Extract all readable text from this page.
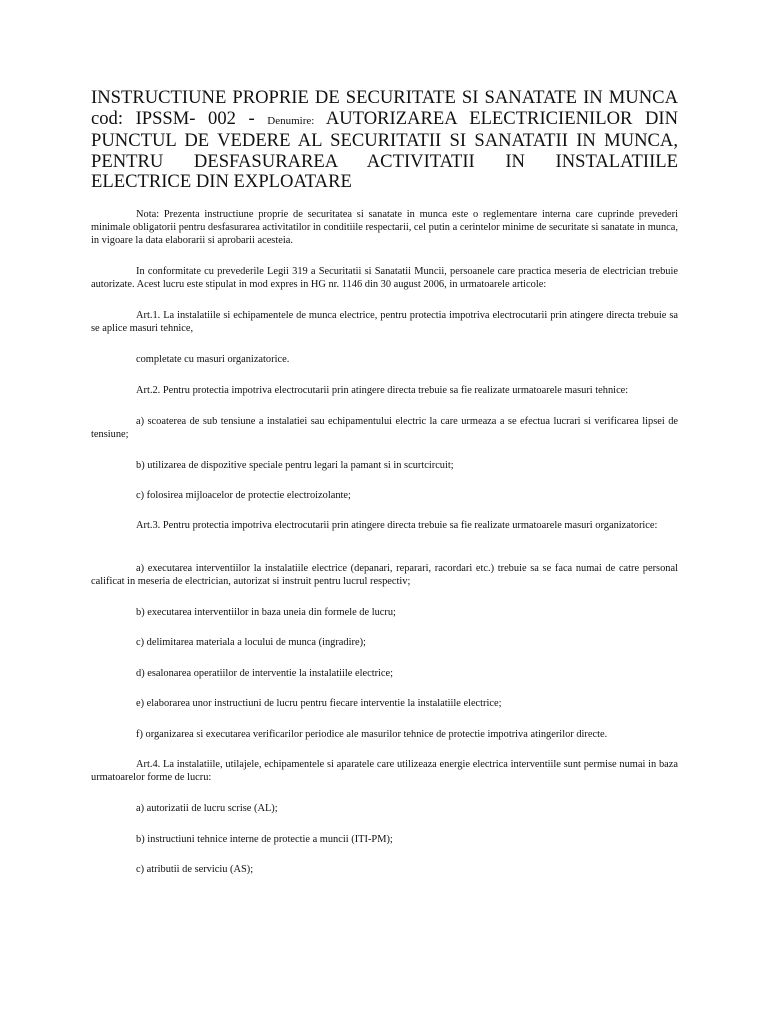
INSTRUCTIUNE PROPRIE DE SECURITATE SI SANATATE IN MUNCA cod: IPSSM- 002 - Denumire: AUTORIZAREA ELECTRICIENILOR DIN PUNCTUL DE VEDERE AL SECURITATII SI SANATATII IN MUNCA, PENTRU DESFASURAREA ACTIVITATII IN INSTALATIILE ELECTRICE DIN EXPLOATARE
Nota: Prezenta instructiune proprie de securitatea si sanatate in munca este o reglementare interna care cuprinde prevederi minimale obligatorii pentru desfasurarea activitatilor in conditiile respectarii, cel putin a cerintelor minime de securitate si sanatate in munca, in vigoare la data elaborarii si aprobarii acesteia.
In conformitate cu prevederile Legii 319 a Securitatii si Sanatatii Muncii, persoanele care practica meseria de electrician trebuie autorizate. Acest lucru este stipulat in mod expres in HG nr. 1146 din 30 august 2006, in urmatoarele articole:
Art.1. La instalatiile si echipamentele de munca electrice, pentru protectia impotriva electrocutarii prin atingere directa trebuie sa se aplice masuri tehnice,
completate cu masuri organizatorice.
Art.2. Pentru protectia impotriva electrocutarii prin atingere directa trebuie sa fie realizate urmatoarele masuri tehnice:
a) scoaterea de sub tensiune a instalatiei sau echipamentului electric la care urmeaza a se efectua lucrari si verificarea lipsei de tensiune;
b) utilizarea de dispozitive speciale pentru legari la pamant si in scurtcircuit;
c) folosirea mijloacelor de protectie electroizolante;
Art.3. Pentru protectia impotriva electrocutarii prin atingere directa trebuie sa fie realizate urmatoarele masuri organizatorice:
a) executarea interventiilor la instalatiile electrice (depanari, reparari, racordari etc.) trebuie sa se faca numai de catre personal calificat in meseria de electrician, autorizat si instruit pentru lucrul respectiv;
b) executarea interventiilor in baza uneia din formele de lucru;
c) delimitarea materiala a locului de munca (ingradire);
d) esalonarea operatiilor de interventie la instalatiile electrice;
e) elaborarea unor instructiuni de lucru pentru fiecare interventie la instalatiile electrice;
f) organizarea si executarea verificarilor periodice ale masurilor tehnice de protectie impotriva atingerilor directe.
Art.4. La instalatiile, utilajele, echipamentele si aparatele care utilizeaza energie electrica interventiile sunt permise numai in baza urmatoarelor forme de lucru:
a) autorizatii de lucru scrise (AL);
b) instructiuni tehnice interne de protectie a muncii (ITI-PM);
c) atributii de serviciu (AS);
